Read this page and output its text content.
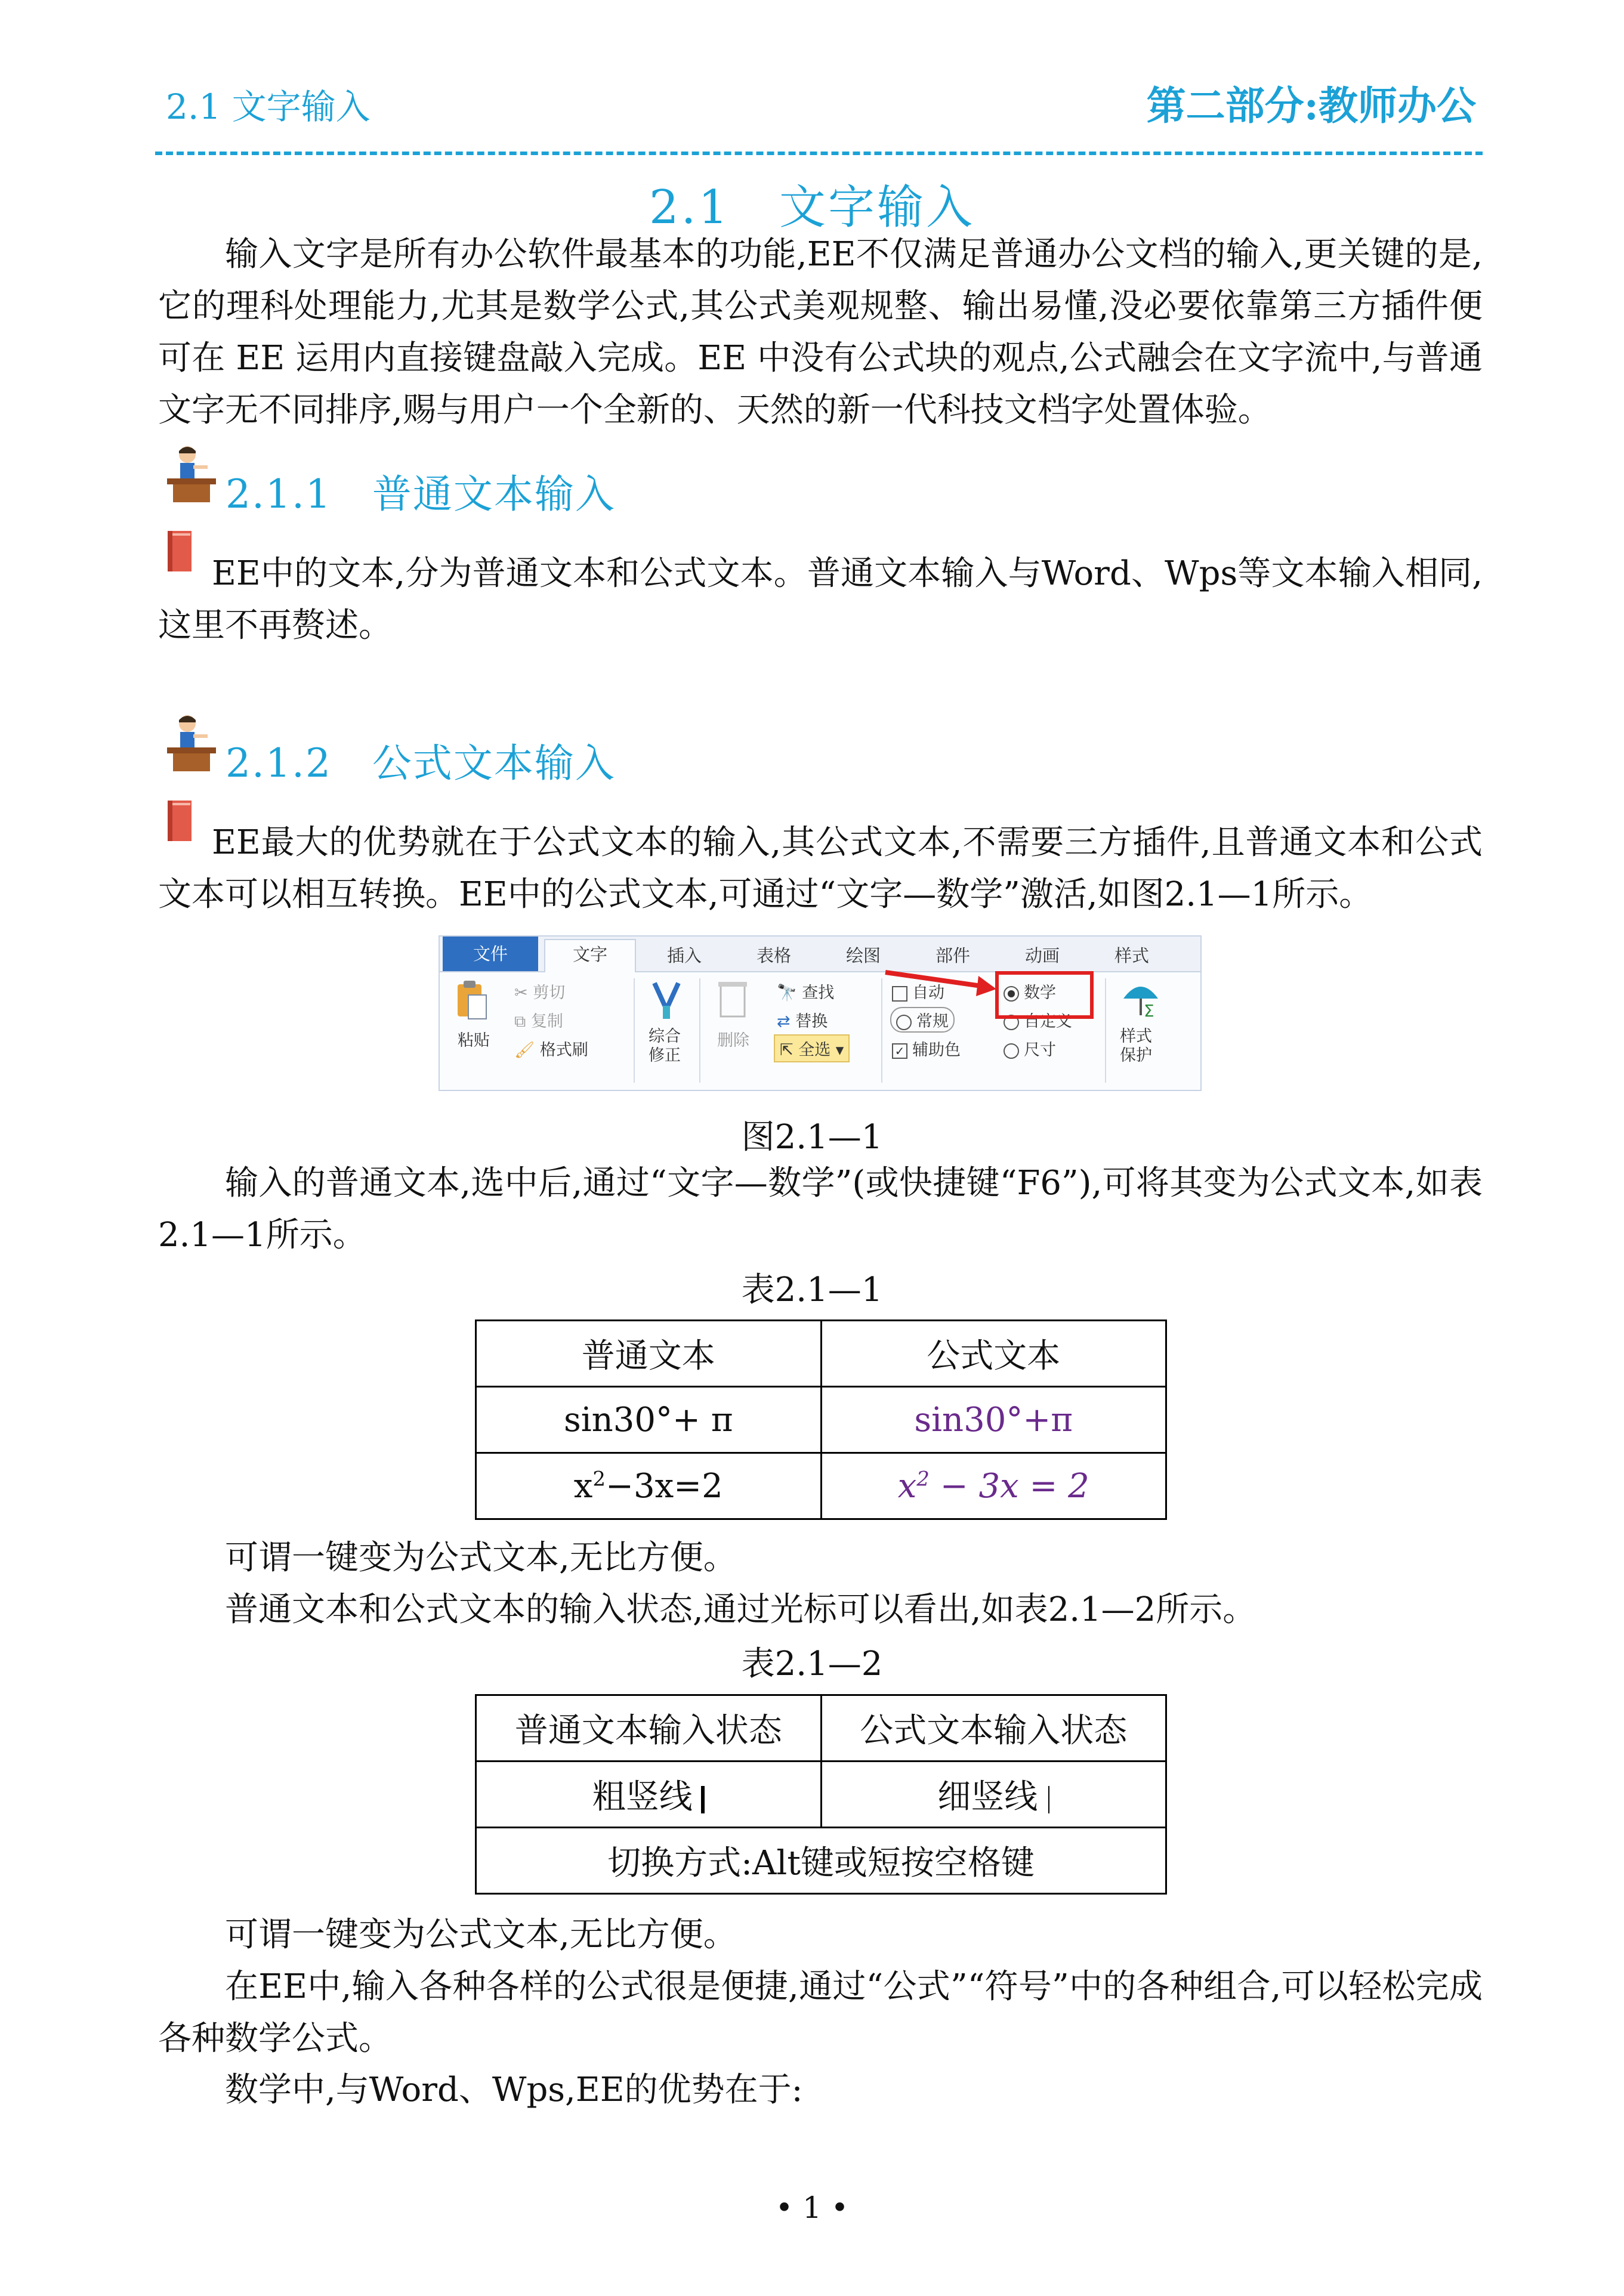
2.1 文字输入	第二部分:教师办公
2.1　文字输入
输入文字是所有办公软件最基本的功能,EE不仅满足普通办公文档的输入,更关键的是,它的理科处理能力,尤其是数学公式,其公式美观规整、输出易懂,没必要依靠第三方插件便可在 EE 运用内直接键盘敲入完成。EE 中没有公式块的观点,公式融会在文字流中,与普通文字无不同排序,赐与用户一个全新的、天然的新一代科技文档字处置体验。
2.1.1　普通文本输入
EE中的文本,分为普通文本和公式文本。普通文本输入与Word、Wps等文本输入相同,这里不再赘述。
2.1.2　公式文本输入
EE最大的优势就在于公式文本的输入,其公式文本,不需要三方插件,且普通文本和公式文本可以相互转换。EE中的公式文本,可通过“文字—数学”激活,如图2.1—1所示。
文件	文字	插入	表格	绘图	部件	动画	样式
粘贴
✂ 剪切
⧉ 复制
🖌 格式刷
综合
修正
删除
🔭 查找
⇄ 替换
⇱ 全选 ▾
自动
常规
✓ 辅助色
数学
自定义
尺寸
Σ
样式
保护
图2.1—1
输入的普通文本,选中后,通过“文字—数学”(或快捷键“F6”),可将其变为公式文本,如表2.1—1所示。
表2.1—1
普通文本	公式文本
sin30°+ π	sin30°+π
$x^2-3x=2$	$x^2 - 3x = 2$
可谓一键变为公式文本,无比方便。
普通文本和公式文本的输入状态,通过光标可以看出,如表2.1—2所示。
表2.1—2
普通文本输入状态	公式文本输入状态
粗竖线	细竖线
切换方式:Alt键或短按空格键	
可谓一键变为公式文本,无比方便。
在EE中,输入各种各样的公式很是便捷,通过“公式”“符号”中的各种组合,可以轻松完成各种数学公式。
数学中,与Word、Wps,EE的优势在于:
• 1 •
